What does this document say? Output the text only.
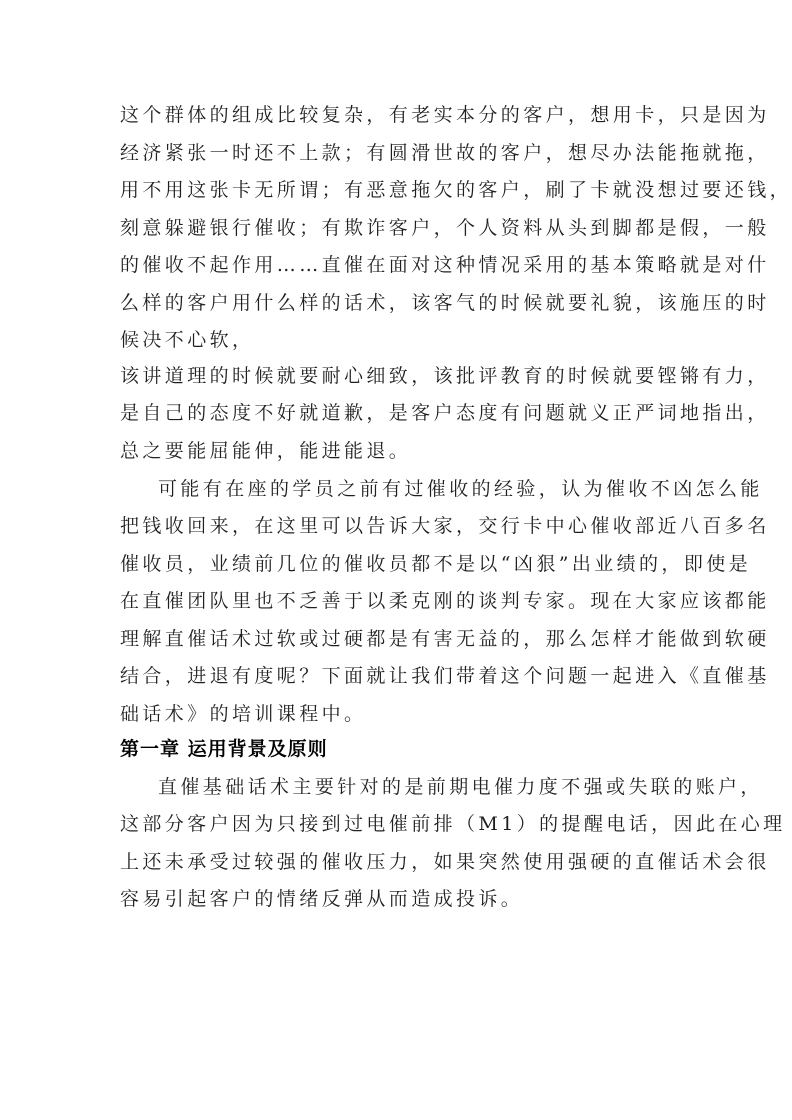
这个群体的组成比较复杂，有老实本分的客户，想用卡，只是因为
经济紧张一时还不上款；有圆滑世故的客户，想尽办法能拖就拖，
用不用这张卡无所谓；有恶意拖欠的客户，刷了卡就没想过要还钱，
刻意躲避银行催收；有欺诈客户，个人资料从头到脚都是假，一般
的催收不起作用……直催在面对这种情况采用的基本策略就是对什
么样的客户用什么样的话术，该客气的时候就要礼貌，该施压的时
候决不心软，
该讲道理的时候就要耐心细致，该批评教育的时候就要铿锵有力，
是自己的态度不好就道歉，是客户态度有问题就义正严词地指出，
总之要能屈能伸，能进能退。
可能有在座的学员之前有过催收的经验，认为催收不凶怎么能
把钱收回来，在这里可以告诉大家，交行卡中心催收部近八百多名
催收员，业绩前几位的催收员都不是以“凶狠”出业绩的，即使是
在直催团队里也不乏善于以柔克刚的谈判专家。现在大家应该都能
理解直催话术过软或过硬都是有害无益的，那么怎样才能做到软硬
结合，进退有度呢？下面就让我们带着这个问题一起进入《直催基
础话术》的培训课程中。
第一章 运用背景及原则
直催基础话术主要针对的是前期电催力度不强或失联的账户，
这部分客户因为只接到过电催前排（M1）的提醒电话，因此在心理
上还未承受过较强的催收压力，如果突然使用强硬的直催话术会很
容易引起客户的情绪反弹从而造成投诉。
